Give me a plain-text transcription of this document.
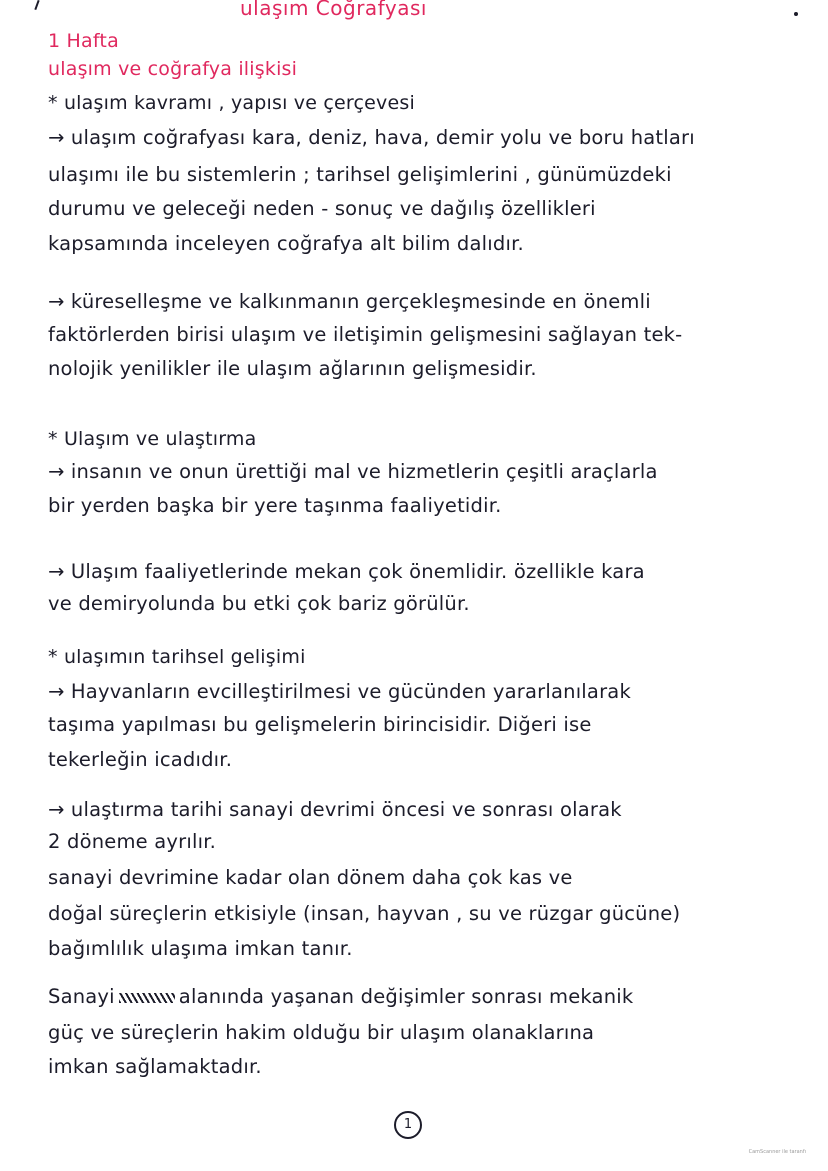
ulaşım Coğrafyası
1 Hafta
ulaşım ve coğrafya ilişkisi
* ulaşım kavramı , yapısı ve çerçevesi
→ ulaşım coğrafyası kara, deniz, hava, demir yolu ve boru hatları
ulaşımı ile bu sistemlerin ; tarihsel gelişimlerini , günümüzdeki
durumu ve geleceği neden - sonuç ve dağılış özellikleri
kapsamında inceleyen coğrafya alt bilim dalıdır.
→ küreselleşme ve kalkınmanın gerçekleşmesinde en önemli
faktörlerden birisi ulaşım ve iletişimin gelişmesini sağlayan tek-
nolojik yenilikler ile ulaşım ağlarının gelişmesidir.
* Ulaşım ve ulaştırma
→ insanın ve onun ürettiği mal ve hizmetlerin çeşitli araçlarla
bir yerden başka bir yere taşınma faaliyetidir.
→ Ulaşım faaliyetlerinde mekan çok önemlidir. özellikle kara
ve demiryolunda bu etki çok bariz görülür.
* ulaşımın tarihsel gelişimi
→ Hayvanların evcilleştirilmesi ve gücünden yararlanılarak
taşıma yapılması bu gelişmelerin birincisidir. Diğeri ise
tekerleğin icadıdır.
→ ulaştırma tarihi sanayi devrimi öncesi ve sonrası olarak
2 döneme ayrılır.
sanayi devrimine kadar olan dönem daha çok kas ve
doğal süreçlerin etkisiyle (insan, hayvan , su ve rüzgar gücüne)
bağımlılık ulaşıma imkan tanır.
Sanayi	alanında yaşanan değişimler sonrası mekanik
güç ve süreçlerin hakim olduğu bir ulaşım olanaklarına
imkan sağlamaktadır.
1
CamScanner ile taranfı
